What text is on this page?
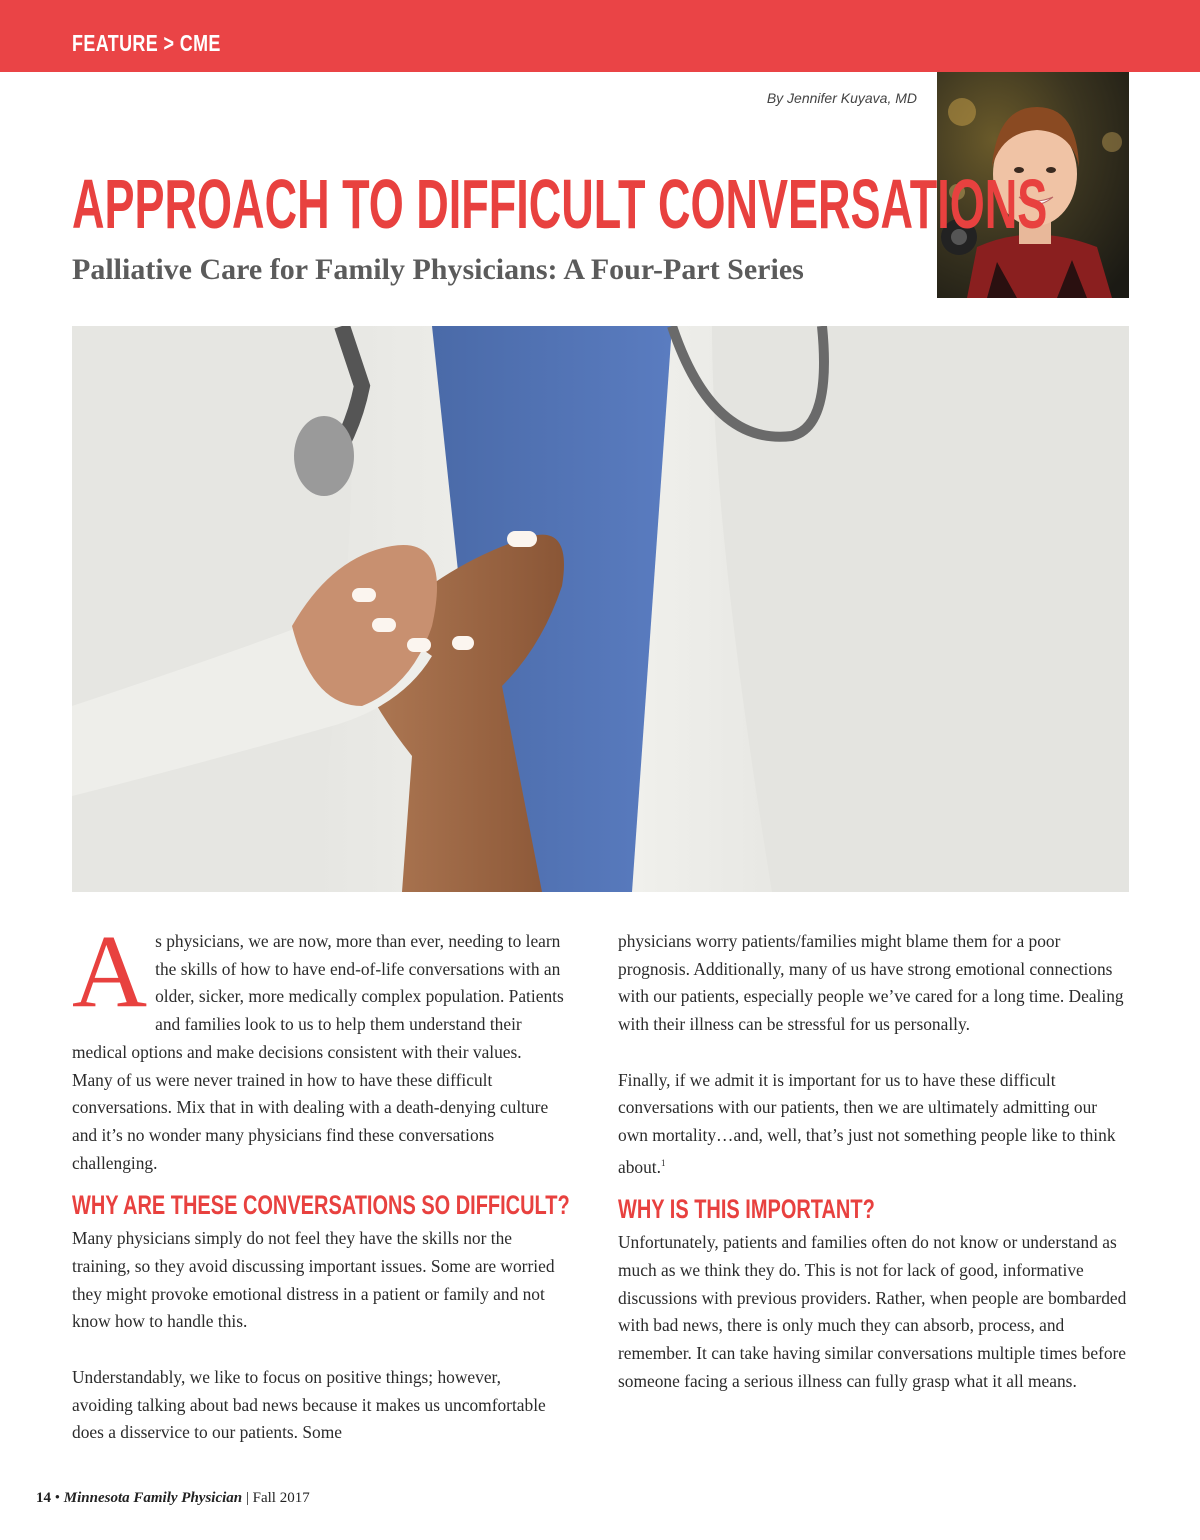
FEATURE > CME
By Jennifer Kuyava, MD
APPROACH TO DIFFICULT CONVERSATIONS
Palliative Care for Family Physicians: A Four-Part Series

As physicians, we are now, more than ever, needing to learn the skills of how to have end-of-life conversations with an older, sicker, more medically complex population. Patients and families look to us to help them understand their medical options and make decisions consistent with their values. Many of us were never trained in how to have these difficult conversations. Mix that in with dealing with a death-denying culture and it’s no wonder many physicians find these conversations challenging.

WHY ARE THESE CONVERSATIONS SO DIFFICULT?

Many physicians simply do not feel they have the skills nor the training, so they avoid discussing important issues. Some are worried they might provoke emotional distress in a patient or family and not know how to handle this.

Understandably, we like to focus on positive things; however, avoiding talking about bad news because it makes us uncomfortable does a disservice to our patients. Some

physicians worry patients/families might blame them for a poor prognosis. Additionally, many of us have strong emotional connections with our patients, especially people we’ve cared for a long time. Dealing with their illness can be stressful for us personally.

Finally, if we admit it is important for us to have these difficult conversations with our patients, then we are ultimately admitting our own mortality…and, well, that’s just not something people like to think about.$^1$

WHY IS THIS IMPORTANT?

Unfortunately, patients and families often do not know or understand as much as we think they do. This is not for lack of good, informative discussions with previous providers. Rather, when people are bombarded with bad news, there is only much they can absorb, process, and remember. It can take having similar conversations multiple times before someone facing a serious illness can fully grasp what it all means.

14 • Minnesota Family Physician | Fall 2017
